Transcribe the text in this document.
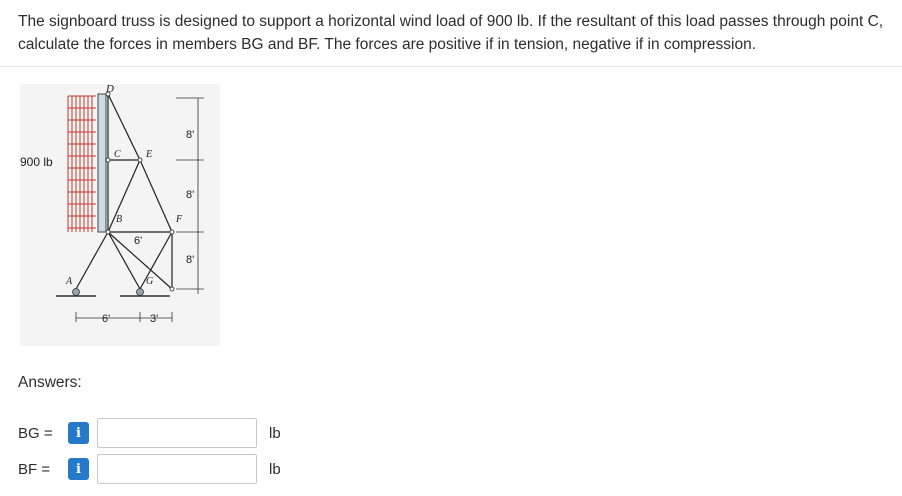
The signboard truss is designed to support a horizontal wind load of 900 lb. If the resultant of this load passes through point C, calculate the forces in members BG and BF. The forces are positive if in tension, negative if in compression.
900 lb
D
C	E
B	F
A	G
8'
8'
8'
6'
6'	3'
Answers:
BG =	i	lb
BF =	i	lb
